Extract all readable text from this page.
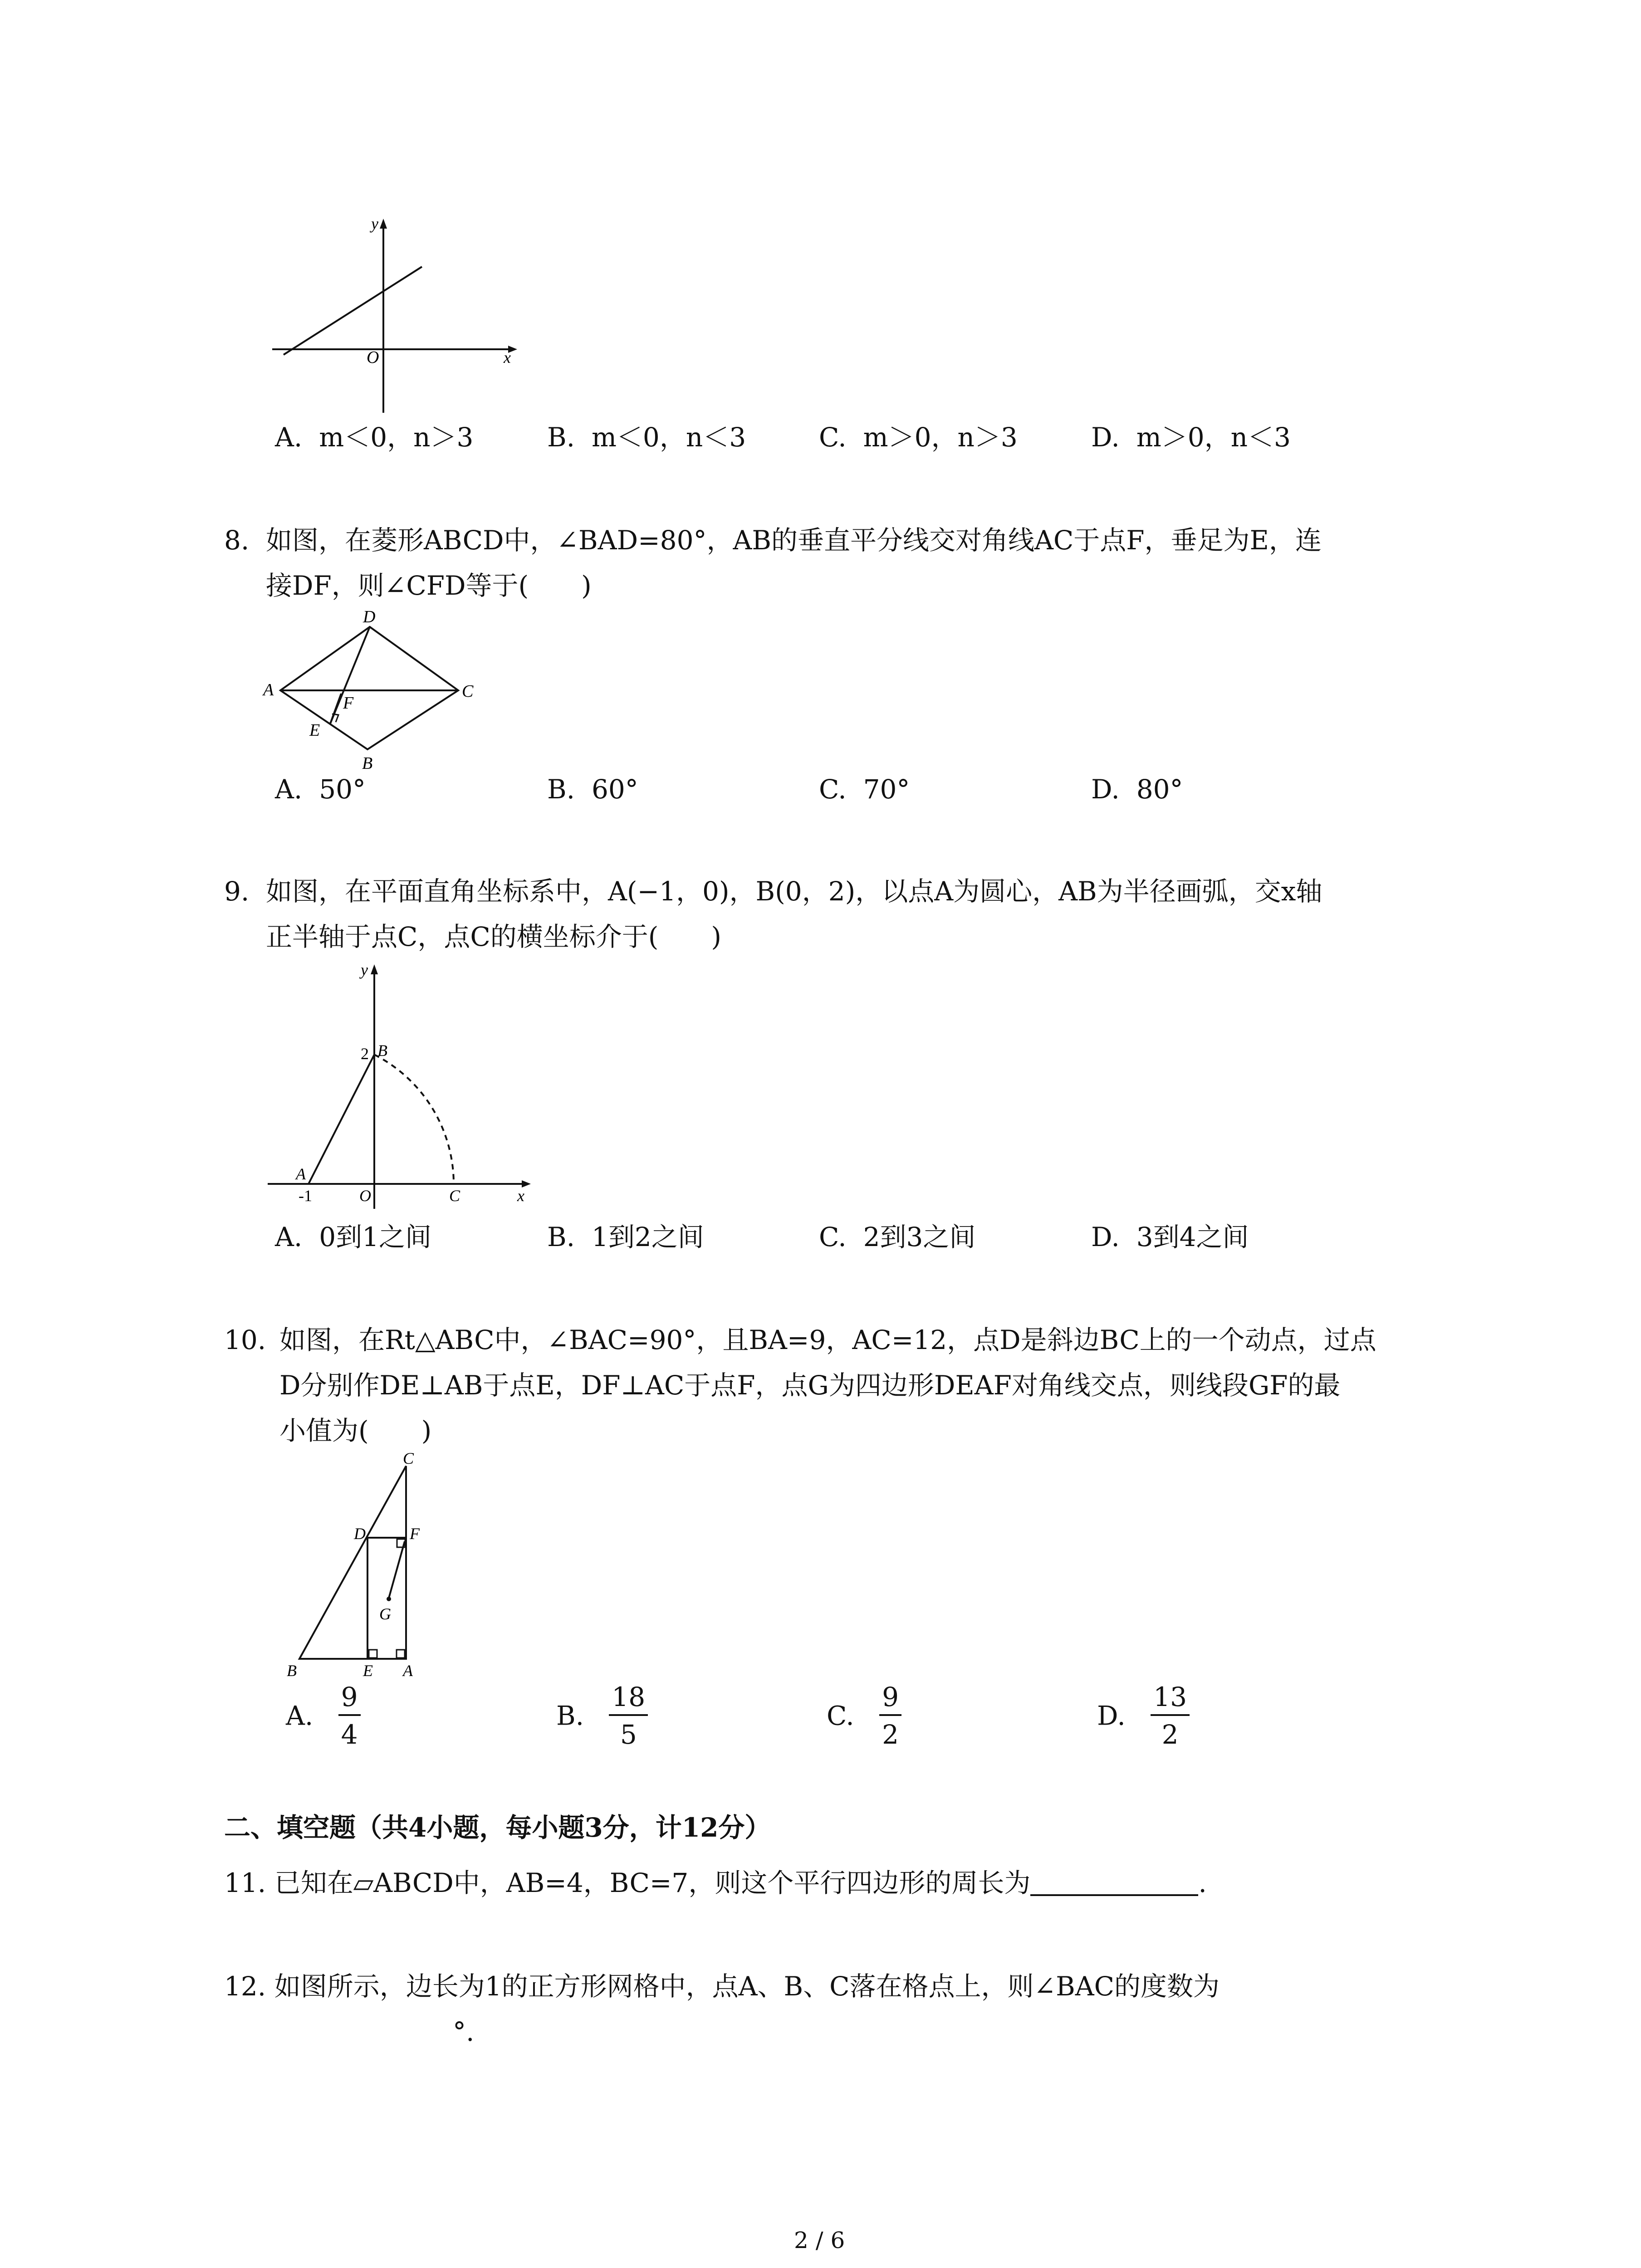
y
x
O
A. m＜0，n＞3	B. m＜0，n＜3	C. m＞0，n＞3	D. m＞0，n＜3
8. 如图，在菱形ABCD中，∠BAD=80°，AB的垂直平分线交对角线AC于点F，垂足为E，连
接DF，则∠CFD等于(　　)
D
A	C
F
E
B
A. 50°	B. 60°	C. 70°	D. 80°
9. 如图，在平面直角坐标系中，A(−1，0)，B(0，2)，以点A为圆心，AB为半径画弧，交x轴
正半轴于点C，点C的横坐标介于(　　)
y
2 B
A
-1	O	C	x
A. 0到1之间	B. 1到2之间	C. 2到3之间	D. 3到4之间
10. 如图，在Rt△ABC中，∠BAC=90°，且BA=9，AC=12，点D是斜边BC上的一个动点，过点
D分别作DE⊥AB于点E，DF⊥AC于点F，点G为四边形DEAF对角线交点，则线段GF的最
小值为(　　)
C
D	F
G
B	E A
A. $\frac{9}{4}$	B. $\frac{18}{5}$	C. $\frac{9}{2}$	D. $\frac{13}{2}$
二、填空题（共4小题，每小题3分，计12分）
11. 已知在▱ABCD中，AB=4，BC=7，则这个平行四边形的周长为	.
12. 如图所示，边长为1的正方形网格中，点A、B、C落在格点上，则∠BAC的度数为
°.
2 / 6
